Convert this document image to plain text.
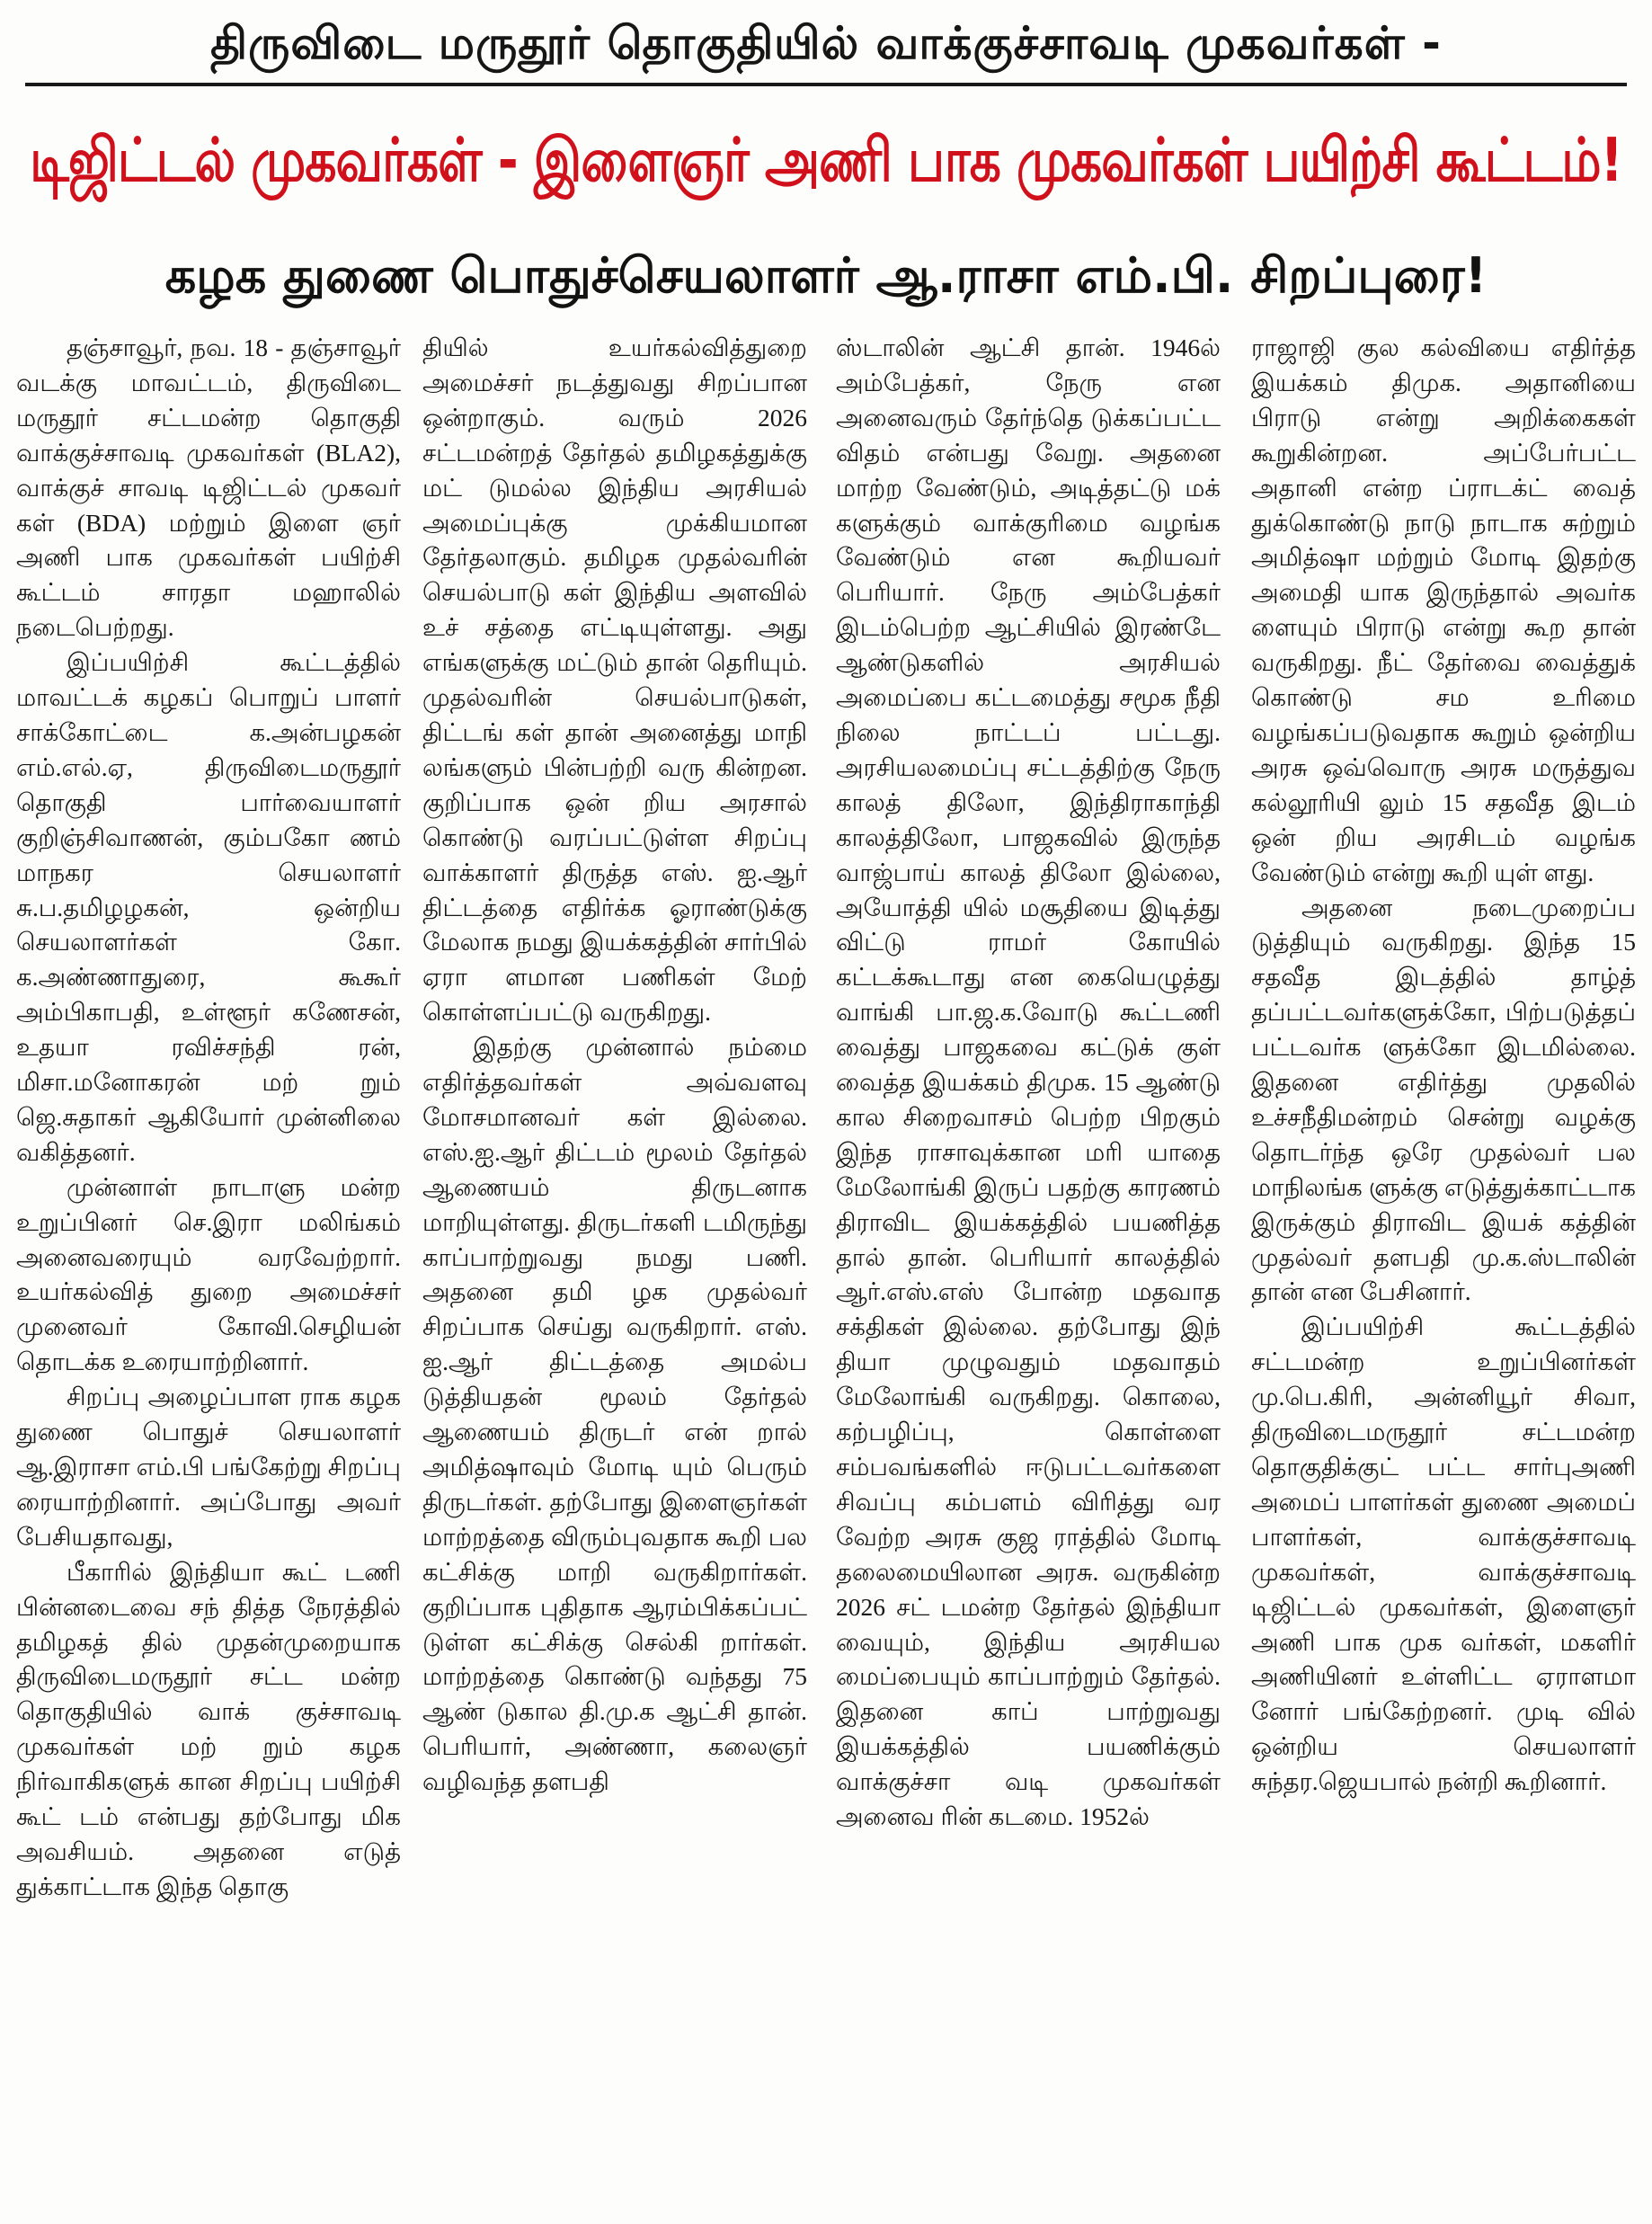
திருவிடை மருதூர் தொகுதியில் வாக்குச்சாவடி முகவர்கள் -
டிஜிட்டல் முகவர்கள் - இளைஞர் அணி பாக முகவர்கள் பயிற்சி கூட்டம்!
கழக துணை பொதுச்செயலாளர் ஆ.ராசா எம்.பி. சிறப்புரை!

தஞ்சாவூர், நவ. 18 - தஞ்சாவூர் வடக்கு மாவட்டம், திருவிடை மருதூர் சட்டமன்ற தொகுதி வாக்குச்சாவடி முகவர்கள் (BLA2), வாக்குச் சாவடி டிஜிட்டல் முகவர் கள் (BDA) மற்றும் இளை ஞர் அணி பாக முகவர்கள் பயிற்சி கூட்டம் சாரதா மஹாலில் நடைபெற்றது.

இப்பயிற்சி கூட்டத்தில் மாவட்டக் கழகப் பொறுப் பாளர் சாக்கோட்டை க.அன்பழகன் எம்.எல்.ஏ, திருவிடைமருதூர் தொகுதி பார்வையாளர் குறிஞ்சிவாணன், கும்பகோ ணம் மாநகர செயலாளர் சு.ப.தமிழழகன், ஒன்றிய செயலாளர்கள் கோ. க.அண்ணாதுரை, கூகூர் அம்பிகாபதி, உள்ளூர் கணேசன், உதயா ரவிச்சந்தி ரன், மிசா.மனோகரன் மற் றும் ஜெ.சுதாகர் ஆகியோர் முன்னிலை வகித்தனர்.

முன்னாள் நாடாளு மன்ற உறுப்பினர் செ.இரா மலிங்கம் அனைவரையும் வரவேற்றார். உயர்கல்வித் துறை அமைச்சர் முனைவர் கோவி.செழியன் தொடக்க உரையாற்றினார்.

சிறப்பு அழைப்பாள ராக கழக துணை பொதுச் செயலாளர் ஆ.இராசா எம்.பி பங்கேற்று சிறப்பு ரையாற்றினார். அப்போது அவர் பேசியதாவது,

பீகாரில் இந்தியா கூட் டணி பின்னடைவை சந் தித்த நேரத்தில் தமிழகத் தில் முதன்முறையாக திருவிடைமருதூர் சட்ட மன்ற தொகுதியில் வாக் குச்சாவடி முகவர்கள் மற் றும் கழக நிர்வாகிகளுக் கான சிறப்பு பயிற்சி கூட் டம் என்பது தற்போது மிக அவசியம். அதனை எடுத் துக்காட்டாக இந்த தொகு

தியில் உயர்கல்வித்துறை அமைச்சர் நடத்துவது சிறப்பான ஒன்றாகும். வரும் 2026 சட்டமன்றத் தேர்தல் தமிழகத்துக்கு மட் டுமல்ல இந்திய அரசியல் அமைப்புக்கு முக்கியமான தேர்தலாகும். தமிழக முதல்வரின் செயல்பாடு கள் இந்திய அளவில் உச் சத்தை எட்டியுள்ளது. அது எங்களுக்கு மட்டும் தான் தெரியும். முதல்வரின் செயல்பாடுகள், திட்டங் கள் தான் அனைத்து மாநி லங்களும் பின்பற்றி வரு கின்றன. குறிப்பாக ஒன் றிய அரசால் கொண்டு வரப்பட்டுள்ள சிறப்பு வாக்காளர் திருத்த எஸ். ஐ.ஆர் திட்டத்தை எதிர்க்க ஓராண்டுக்கு மேலாக நமது இயக்கத்தின் சார்பில் ஏரா ளமான பணிகள் மேற் கொள்ளப்பட்டு வருகிறது.

இதற்கு முன்னால் நம்மை எதிர்த்தவர்கள் அவ்வளவு மோசமானவர் கள் இல்லை. எஸ்.ஐ.ஆர் திட்டம் மூலம் தேர்தல் ஆணையம் திருடனாக மாறியுள்ளது. திருடர்களி டமிருந்து காப்பாற்றுவது நமது பணி. அதனை தமி ழக முதல்வர் சிறப்பாக செய்து வருகிறார். எஸ். ஐ.ஆர் திட்டத்தை அமல்ப டுத்தியதன் மூலம் தேர்தல் ஆணையம் திருடர் என் றால் அமித்ஷாவும் மோடி யும் பெரும் திருடர்கள். தற்போது இளைஞர்கள் மாற்றத்தை விரும்புவதாக கூறி பல கட்சிக்கு மாறி வருகிறார்கள். குறிப்பாக புதிதாக ஆரம்பிக்கப்பட் டுள்ள கட்சிக்கு செல்கி றார்கள். மாற்றத்தை கொண்டு வந்தது 75 ஆண் டுகால தி.மு.க ஆட்சி தான். பெரியார், அண்ணா, கலைஞர் வழிவந்த தளபதி

ஸ்டாலின் ஆட்சி தான். 1946ல் அம்பேத்கர், நேரு என அனைவரும் தேர்ந்தெ டுக்கப்பட்ட விதம் என்பது வேறு. அதனை மாற்ற வேண்டும், அடித்தட்டு மக் களுக்கும் வாக்குரிமை வழங்க வேண்டும் என கூறியவர் பெரியார். நேரு அம்பேத்கர் இடம்பெற்ற ஆட்சியில் இரண்டே ஆண்டுகளில் அரசியல் அமைப்பை கட்டமைத்து சமூக நீதி நிலை நாட்டப் பட்டது. அரசியலமைப்பு சட்டத்திற்கு நேரு காலத் திலோ, இந்திராகாந்தி காலத்திலோ, பாஜகவில் இருந்த வாஜ்பாய் காலத் திலோ இல்லை, அயோத்தி யில் மசூதியை இடித்து விட்டு ராமர் கோயில் கட்டக்கூடாது என கையெழுத்து வாங்கி பா.ஜ.க.வோடு கூட்டணி வைத்து பாஜகவை கட்டுக் குள் வைத்த இயக்கம் திமுக. 15 ஆண்டு கால சிறைவாசம் பெற்ற பிறகும் இந்த ராசாவுக்கான மரி யாதை மேலோங்கி இருப் பதற்கு காரணம் திராவிட இயக்கத்தில் பயணித்த தால் தான். பெரியார் காலத்தில் ஆர்.எஸ்.எஸ் போன்ற மதவாத சக்திகள் இல்லை. தற்போது இந் தியா முழுவதும் மதவாதம் மேலோங்கி வருகிறது. கொலை, கற்பழிப்பு, கொள்ளை சம்பவங்களில் ஈடுபட்டவர்களை சிவப்பு கம்பளம் விரித்து வர வேற்ற அரசு குஜ ராத்தில் மோடி தலைமையிலான அரசு. வருகின்ற 2026 சட் டமன்ற தேர்தல் இந்தியா வையும், இந்திய அரசியல மைப்பையும் காப்பாற்றும் தேர்தல். இதனை காப் பாற்றுவது இயக்கத்தில் பயணிக்கும் வாக்குச்சா வடி முகவர்கள் அனைவ ரின் கடமை. 1952ல்

ராஜாஜி குல கல்வியை எதிர்த்த இயக்கம் திமுக. அதானியை பிராடு என்று அறிக்கைகள் கூறுகின்றன. அப்பேர்பட்ட அதானி என்ற ப்ராடக்ட் வைத் துக்கொண்டு நாடு நாடாக சுற்றும் அமித்ஷா மற்றும் மோடி இதற்கு அமைதி யாக இருந்தால் அவர்க ளையும் பிராடு என்று கூற தான் வருகிறது. நீட் தேர்வை வைத்துக் கொண்டு சம உரிமை வழங்கப்படுவதாக கூறும் ஒன்றிய அரசு ஒவ்வொரு அரசு மருத்துவ கல்லூரியி லும் 15 சதவீத இடம் ஒன் றிய அரசிடம் வழங்க வேண்டும் என்று கூறி யுள் ளது.

அதனை நடைமுறைப்ப டுத்தியும் வருகிறது. இந்த 15 சதவீத இடத்தில் தாழ்த் தப்பட்டவர்களுக்கோ, பிற்படுத்தப் பட்டவர்க ளுக்கோ இடமில்லை. இதனை எதிர்த்து முதலில் உச்சநீதிமன்றம் சென்று வழக்கு தொடர்ந்த ஒரே முதல்வர் பல மாநிலங்க ளுக்கு எடுத்துக்காட்டாக இருக்கும் திராவிட இயக் கத்தின் முதல்வர் தளபதி மு.க.ஸ்டாலின் தான் என பேசினார்.

இப்பயிற்சி கூட்டத்தில் சட்டமன்ற உறுப்பினர்கள் மு.பெ.கிரி, அன்னியூர் சிவா, திருவிடைமருதூர் சட்டமன்ற தொகுதிக்குட் பட்ட சார்புஅணி அமைப் பாளர்கள் துணை அமைப் பாளர்கள், வாக்குச்சாவடி முகவர்கள், வாக்குச்சாவடி டிஜிட்டல் முகவர்கள், இளைஞர் அணி பாக முக வர்கள், மகளிர் அணியினர் உள்ளிட்ட ஏராளமா னோர் பங்கேற்றனர். முடி வில் ஒன்றிய செயலாளர் சுந்தர.ஜெயபால் நன்றி கூறினார்.
